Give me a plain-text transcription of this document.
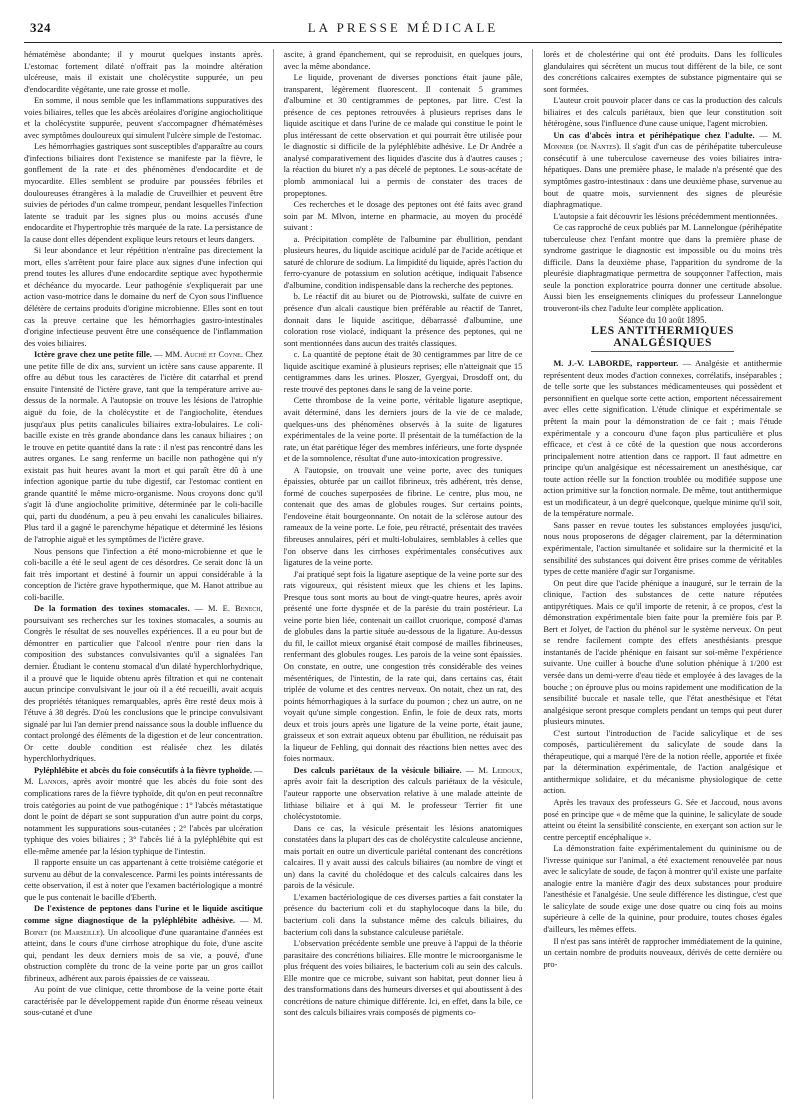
324	LA PRESSE MÉDICALE

hématémèse abondante; il y mourut quelques instants après. L'estomac fortement dilaté n'offrait pas la moindre altération ulcéreuse, mais il existait une cholécystite suppurée, un peu d'endocardite végétante, une rate grosse et molle.

En somme, il nous semble que les inflammations suppuratives des voies biliaires, telles que les abcès aréolaires d'origine angiocholitique et la cholécystite suppurée, peuvent s'accompagner d'hématémèses avec symptômes douloureux qui simulent l'ulcère simple de l'estomac.

Les hémorrhagies gastriques sont susceptibles d'apparaître au cours d'infections biliaires dont l'existence se manifeste par la fièvre, le gonflement de la rate et des phénomènes d'endocardite et de myocardite. Elles semblent se produire par poussées fébriles et douloureuses étrangères à la maladie de Cruveilhier et peuvent être suivies de périodes d'un calme trompeur, pendant lesquelles l'infection latente se traduit par les signes plus ou moins accusés d'une endocardite et l'hypertrophie très marquée de la rate. La persistance de la cause dont elles dépendent explique leurs retours et leurs dangers.

Si leur abondance et leur répétition n'entraîne pas directement la mort, elles s'arrêtent pour faire place aux signes d'une infection qui prend toutes les allures d'une endocardite septique avec hypothermie et déchéance du myocarde. Leur pathogénie s'expliquerait par une action vaso-motrice dans le domaine du nerf de Cyon sous l'influence délétère de certains produits d'origine microbienne. Elles sont en tout cas la preuve certaine que les hémorrhagies gastro-intestinales d'origine infectieuse peuvent être une conséquence de l'inflammation des voies biliaires.

Ictère grave chez une petite fille. — MM. Auché et Coyne. Chez une petite fille de dix ans, survient un ictère sans cause apparente. Il offre au début tous les caractères de l'ictère dit catarrhal et prend ensuite l'intensité de l'ictère grave, tant que la température arrive au-dessus de la normale. A l'autopsie on trouve les lésions de l'atrophie aiguë du foie, de la cholécystite et de l'angiocholite, étendues jusqu'aux plus petits canalicules biliaires extra-lobulaires. Le coli-bacille existe en très grande abondance dans les canaux biliaires ; on le trouve en petite quantité dans la rate : il n'est pas rencontré dans les autres organes. Le sang renferme un bacille non pathogène qui n'y existait pas huit heures avant la mort et qui paraît être dû à une infection agonique partie du tube digestif, car l'estomac contient en grande quantité le même micro-organisme. Nous croyons donc qu'il s'agit là d'une angiocholite primitive, déterminée par le coli-bacille qui, parti du duodénum, a peu à peu envahi les canalicules biliaires. Plus tard il a gagné le parenchyme hépatique et déterminé les lésions de l'atrophie aiguë et les symptômes de l'ictère grave.

Nous pensons que l'infection a été mono-microbienne et que le coli-bacille a été le seul agent de ces désordres. Ce serait donc là un fait très important et destiné à fournir un appui considérable à la conception de l'ictère grave hypothermique, que M. Hanot attribue au coli-bacille.

De la formation des toxines stomacales. — M. E. Benech, poursuivant ses recherches sur les toxines stomacales, a soumis au Congrès le résultat de ses nouvelles expériences. Il a eu pour but de démontrer en particulier que l'alcool n'entre pour rien dans la composition des substances convulsivantes qu'il a signalées l'an dernier. Étudiant le contenu stomacal d'un dilaté hyperchlorhydrique, il a prouvé que le liquide obtenu après filtration et qui ne contenait aucun principe convulsivant le jour où il a été recueilli, avait acquis des propriétés tétaniques remarquables, après être resté deux mois à l'étuve à 38 degrés. D'où les conclusions que le principe convulsivant signalé par lui l'an dernier prend naissance sous la double influence du contact prolongé des éléments de la digestion et de leur concentration. Or cette double condition est réalisée chez les dilatés hyperchlorhydriques.

Pyléphlébite et abcès du foie consécutifs à la fièvre typhoïde. — M. Lannois, après avoir montré que les abcès du foie sont des complications rares de la fièvre typhoïde, dit qu'on en peut reconnaître trois catégories au point de vue pathogénique : 1° l'abcès métastatique dont le point de départ se sont suppuration d'un autre point du corps, notamment les suppurations sous-cutanées ; 2° l'abcès par ulcération typhique des voies biliaires ; 3° l'abcès lié à la pyléphlébite qui est elle-même amenée par la lésion typhique de l'intestin.

Il rapporte ensuite un cas appartenant à cette troisième catégorie et survenu au début de la convalescence. Parmi les points intéressants de cette observation, il est à noter que l'examen bactériologique a montré que le pus contenait le bacille d'Eberth.

De l'existence de peptones dans l'urine et le liquide ascitique comme signe diagnostique de la pyléphlébite adhésive. — M. Boinet (de Marseille). Un alcoolique d'une quarantaine d'années est atteint, dans le cours d'une cirrhose atrophique du foie, d'une ascite qui, pendant les deux derniers mois de sa vie, a pouvé, d'une obstruction complète du tronc de la veine porte par un gros caillot fibrineux, adhérent aux parois épaissies de ce vaisseau.

Au point de vue clinique, cette thrombose de la veine porte était caractérisée par le développement rapide d'un énorme réseau veineux sous-cutané et d'une

ascite, à grand épanchement, qui se reproduisit, en quelques jours, avec la même abondance.

Le liquide, provenant de diverses ponctions était jaune pâle, transparent, légèrement fluorescent. Il contenait 5 grammes d'albumine et 30 centigrammes de peptones, par litre. C'est la présence de ces peptones retrouvées à plusieurs reprises dans le liquide ascitique et dans l'urine de ce malade qui constitue le point le plus intéressant de cette observation et qui pourrait être utilisée pour le diagnostic si difficile de la pyléphlébite adhésive. Le Dr Andrée a analysé comparativement des liquides d'ascite dus à d'autres causes ; la réaction du biuret n'y a pas décelé de peptones. Le sous-acétate de plomb ammoniacal lui a permis de constater des traces de propeptones.

Ces recherches et le dosage des peptones ont été faits avec grand soin par M. Mlvon, interne en pharmacie, au moyen du procédé suivant :

a. Précipitation complète de l'albumine par ébullition, pendant plusieurs heures, du liquide ascitique acidulé par de l'acide acétique et saturé de chlorure de sodium. La limpidité du liquide, après l'action du ferro-cyanure de potassium en solution acétique, indiquait l'absence d'albumine, condition indispensable dans la recherche des peptones.

b. Le réactif dit au biuret ou de Piotrowski, sulfate de cuivre en présence d'un alcali caustique bien préférable au réactif de Tanret, donnait dans le liquide ascitique, débarrassé d'albumine, une coloration rose violacé, indiquant la présence des peptones, qui ne sont mentionnées dans aucun des traités classiques.

c. La quantité de peptone était de 30 centigrammes par litre de ce liquide ascitique examiné à plusieurs reprises; elle n'atteignait que 15 centigrammes dans les urines. Ploszer, Gyergyai, Drosdoff ont, du reste trouvé des peptones dans le sang de la veine porte.

Cette thrombose de la veine porte, véritable ligature aseptique, avait déterminé, dans les derniers jours de la vie de ce malade, quelques-uns des phénomènes observés à la suite de ligatures expérimentales de la veine porte. Il présentait de la tuméfaction de la rate, un état parétique léger des membres inférieurs, une forte dyspnée et de la somnolence, résultat d'une auto-intoxication progressive.

A l'autopsie, on trouvait une veine porte, avec des tuniques épaissies, obturée par un caillot fibrineux, très adhérent, très dense, formé de couches superposées de fibrine. Le centre, plus mou, ne contenait que des amas de globules rouges. Sur certains points, l'endoveine était bourgeonnante. On notait de la sclérose autour des rameaux de la veine porte. Le foie, peu rétracté, présentait des travées fibreuses annulaires, péri et multi-lobulaires, semblables à celles que l'on observe dans les cirrhoses expérimentales consécutives aux ligatures de la veine porte.

J'ai pratiqué sept fois la ligature aseptique de la veine porte sur des rats vigoureux, qui résistent mieux que les chiens et les lapins. Presque tous sont morts au bout de vingt-quatre heures, après avoir présenté une forte dyspnée et de la parésie du train postérieur. La veine porte bien liée, contenait un caillot cruorique, composé d'amas de globules dans la partie située au-dessous de la ligature. Au-dessus du fil, le caillot mieux organisé était composé de mailles fibrineuses, renfermant des globules rouges. Les parois de la veine sont épaissies. On constate, en outre, une congestion très considérable des veines mésentériques, de l'intestin, de la rate qui, dans certains cas, était triplée de volume et des centres nerveux. On notait, chez un rat, des points hémorrhagiques à la surface du poumon ; chez un autre, on ne voyait qu'une simple congestion. Enfin, le foie de deux rats, morts deux et trois jours après une ligature de la veine porte, était jaune, graisseux et son extrait aqueux obtenu par ébullition, ne réduisait pas la liqueur de Fehling, qui donnait des réactions bien nettes avec des foies normaux.

Des calculs pariétaux de la vésicule biliaire. — M. Leidoux, après avoir fait la description des calculs pariétaux de la vésicule, l'auteur rapporte une observation relative à une malade atteinte de lithiase biliaire et à qui M. le professeur Terrier fit une cholécystotomie.

Dans ce cas, la vésicule présentait les lésions anatomiques constatées dans la plupart des cas de cholécystite calculeuse ancienne, mais portait en outre un diverticule pariétal contenant des concrétions calcaires. Il y avait aussi des calculs biliaires (au nombre de vingt et un) dans la cavité du cholédoque et des calculs calcaires dans les parois de la vésicule.

L'examen bactériologique de ces diverses parties a fait constater la présence du bacterium coli et du staphylocoque dans la bile, du bacterium coli dans la substance même des calculs biliaires, du bacterium coli dans la substance calculeuse pariétale.

L'observation précédente semble une preuve à l'appui de la théorie parasitaire des concrétions biliaires. Elle montre le microorganisme le plus fréquent des voies biliaires, le bacterium coli au sein des calculs. Elle montre que ce microbe, suivant son habitat, peut donner lieu à des transformations dans des humeurs diverses et qui aboutissent à des concrétions de nature chimique différente. Ici, en effet, dans la bile, ce sont des calculs biliaires vrais composés de pigments co-

lorés et de cholestérine qui ont été produits. Dans les follicules glandulaires qui sécrètent un mucus tout différent de la bile, ce sont des concrétions calcaires exemptes de substance pigmentaire qui se sont formées.

L'auteur croit pouvoir placer dans ce cas la production des calculs biliaires et des calculs pariétaux, bien que leur constitution soit hétérogène, sous l'influence d'une cause unique, l'agent microbien.

Un cas d'abcès intra et périhépatique chez l'adulte. — M. Monnier (de Nantes). Il s'agit d'un cas de périhépatite tuberculeuse consécutif à une tuberculose caverneuse des voies biliaires intra-hépatiques. Dans une première phase, le malade n'a présenté que des symptômes gastro-intestinaux : dans une deuxième phase, survenue au bout de quatre mois, surviennent des signes de pleurésie diaphragmatique.

L'autopsie a fait découvrir les lésions précédemment mentionnées.

Ce cas rapproché de ceux publiés par M. Lannelongue (périhépatite tuberculeuse chez l'enfant montre que dans la première phase de syndrome gastrique le diagnostic est impossible ou du moins très difficile. Dans la deuxième phase, l'apparition du syndrome de la pleurésie diaphragmatique permettra de soupçonner l'affection, mais seule la ponction exploratrice pourra donner une certitude absolue. Aussi bien les enseignements cliniques du professeur Lannelongue trouveront-ils chez l'adulte leur complète application.

Séance du 10 août 1895.

LES ANTITHERMIQUES ANALGÉSIQUES

M. J.-V. LABORDE, rapporteur. — Analgésie et antithermie représentent deux modes d'action connexes, corrélatifs, inséparables ; de telle sorte que les substances médicamenteuses qui possèdent et personnifient en quelque sorte cette action, emportent nécessairement avec elles cette signification. L'étude clinique et expérimentale se prêtent la main pour la démonstration de ce fait ; mais l'étude expérimentale y a concouru d'une façon plus particulière et plus efficace, et c'est à ce côté de la question que nous accorderons principalement notre attention dans ce rapport. Il faut admettre en principe qu'un analgésique est nécessairement un anesthésique, car toute action réelle sur la fonction troublée ou modifiée suppose une action primitive sur la fonction normale. De même, tout antithermique est un modificateur, à un degré quelconque, quelque minime qu'il soit, de la température normale.

Sans passer en revue toutes les substances employées jusqu'ici, nous nous proposerons de dégager clairement, par la détermination expérimentale, l'action simultanée et solidaire sur la thermicité et la sensibilité des substances qui doivent être prises comme de véritables types de cette manière d'agir sur l'organisme.

On peut dire que l'acide phénique a inauguré, sur le terrain de la clinique, l'action des substances de cette nature réputées antipyrétiques. Mais ce qu'il importe de retenir, à ce propos, c'est la démonstration expérimentale bien faite pour la première fois par P. Bert et Jolyet, de l'action du phénol sur le système nerveux. On peut se rendre facilement compte des effets anesthésiants presque instantanés de l'acide phénique en faisant sur soi-même l'expérience suivante. Une cuiller à bouche d'une solution phénique à 1/200 est versée dans un demi-verre d'eau tiède et employée à des lavages de la bouche ; on éprouve plus ou moins rapidement une modification de la sensibilité buccale et nasale telle, que l'état anesthésique et l'état analgésique seront presque complets pendant un temps qui peut durer plusieurs minutes.

C'est surtout l'introduction de l'acide salicylique et de ses composés, particulièrement du salicylate de soude dans la thérapeutique, qui a marqué l'ère de la notion réelle, apportée et fixée par la détermination expérimentale, de l'action analgésique et antithermique solidaire, et du mécanisme physiologique de cette action.

Après les travaux des professeurs G. Sée et Jaccoud, nous avons posé en principe que « de même que la quinine, le salicylate de soude atteint ou éteint la sensibilité consciente, en exerçant son action sur le centre perceptif encéphalique ».

La démonstration faite expérimentalement du quininisme ou de l'ivresse quinique sur l'animal, a été exactement renouvelée par nous avec le salicylate de soude, de façon à montrer qu'il existe une parfaite analogie entre la manière d'agir des deux substances pour produire l'anesthésie et l'analgésie. Une seule différence les distingue, c'est que le salicylate de soude exige une dose quatre ou cinq fois au moins supérieure à celle de la quinine, pour produire, toutes choses égales d'ailleurs, les mêmes effets.

Il n'est pas sans intérêt de rapprocher immédiatement de la quinine, un certain nombre de produits nouveaux, dérivés de cette dernière ou pro-
